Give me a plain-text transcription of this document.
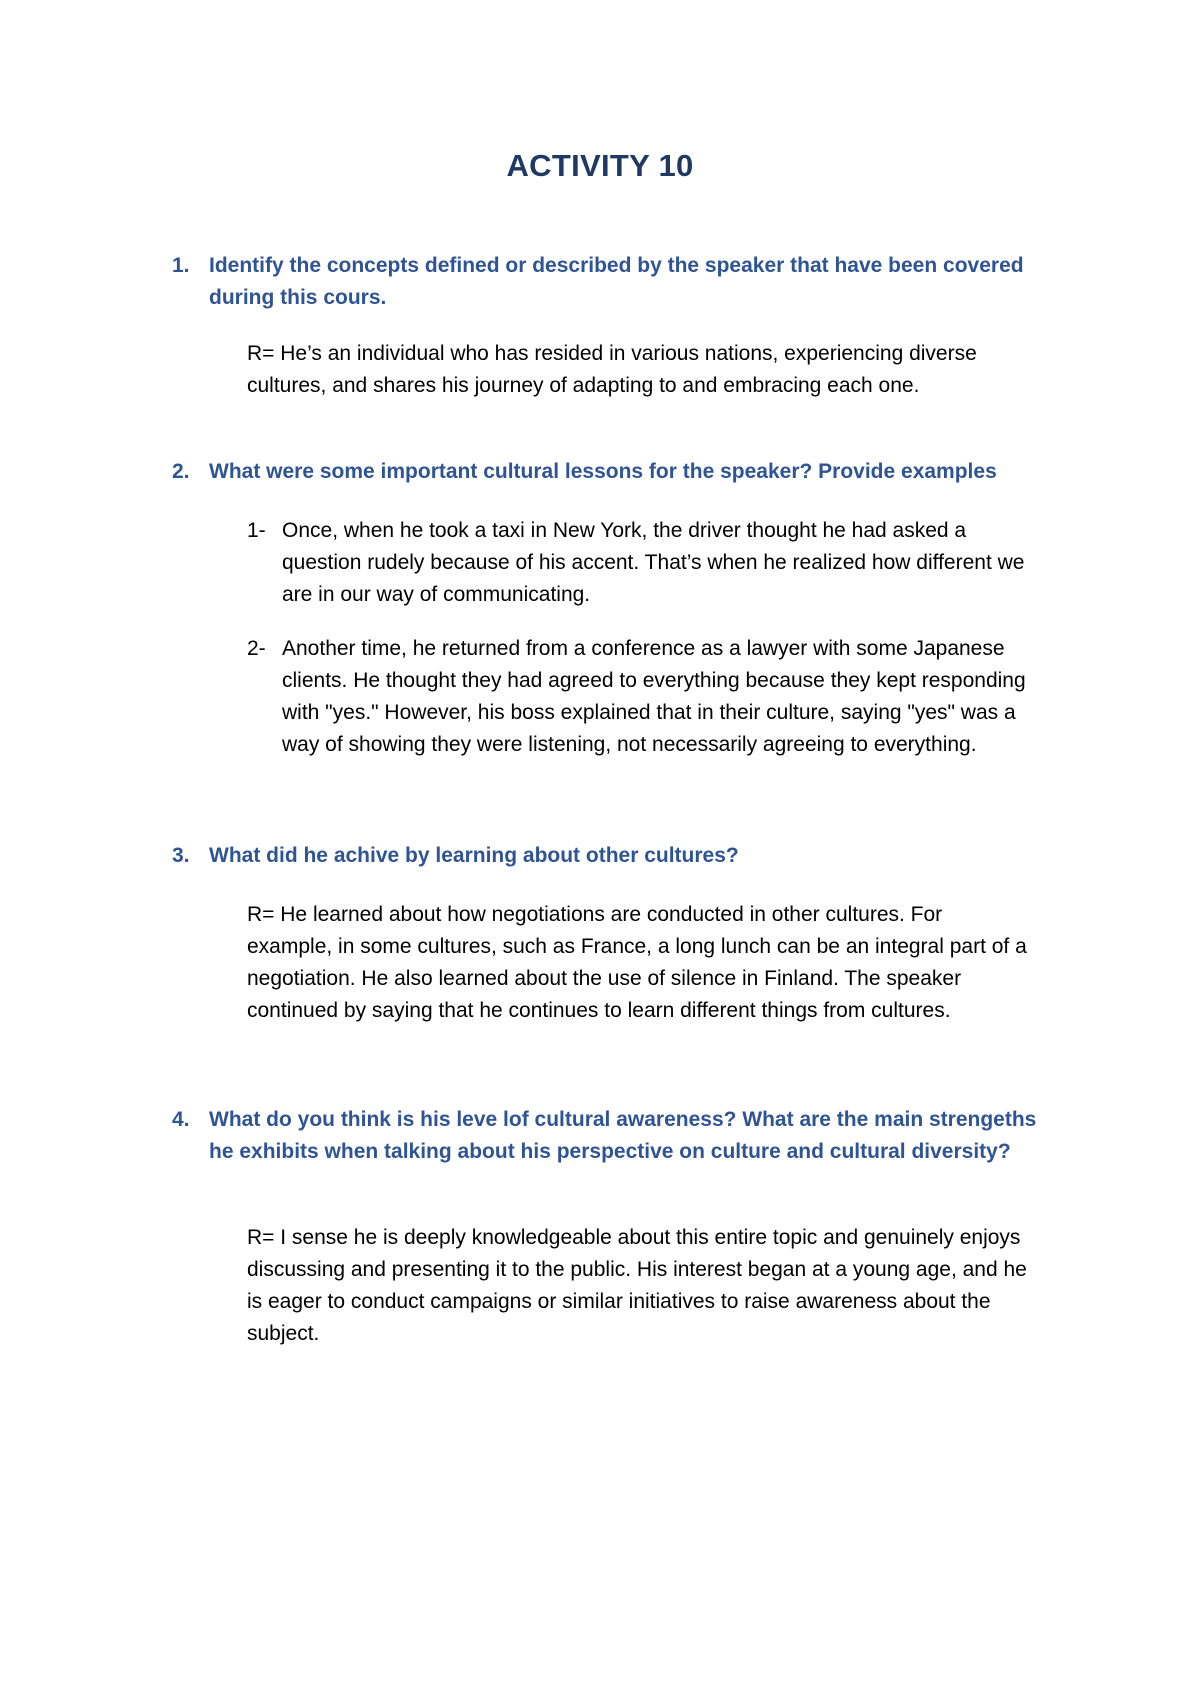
ACTIVITY 10
1. Identify the concepts defined or described by the speaker that have been covered during this cours.
R= He’s an individual who has resided in various nations, experiencing diverse cultures, and shares his journey of adapting to and embracing each one.
2. What were some important cultural lessons for the speaker? Provide examples
1- Once, when he took a taxi in New York, the driver thought he had asked a question rudely because of his accent. That’s when he realized how different we are in our way of communicating.
2- Another time, he returned from a conference as a lawyer with some Japanese clients. He thought they had agreed to everything because they kept responding with "yes." However, his boss explained that in their culture, saying "yes" was a way of showing they were listening, not necessarily agreeing to everything.
3. What did he achive by learning about other cultures?
R= He learned about how negotiations are conducted in other cultures. For example, in some cultures, such as France, a long lunch can be an integral part of a negotiation. He also learned about the use of silence in Finland. The speaker continued by saying that he continues to learn different things from cultures.
4. What do you think is his leve lof cultural awareness? What are the main strengeths he exhibits when talking about his perspective on culture and cultural diversity?
R= I sense he is deeply knowledgeable about this entire topic and genuinely enjoys discussing and presenting it to the public. His interest began at a young age, and he is eager to conduct campaigns or similar initiatives to raise awareness about the subject.
